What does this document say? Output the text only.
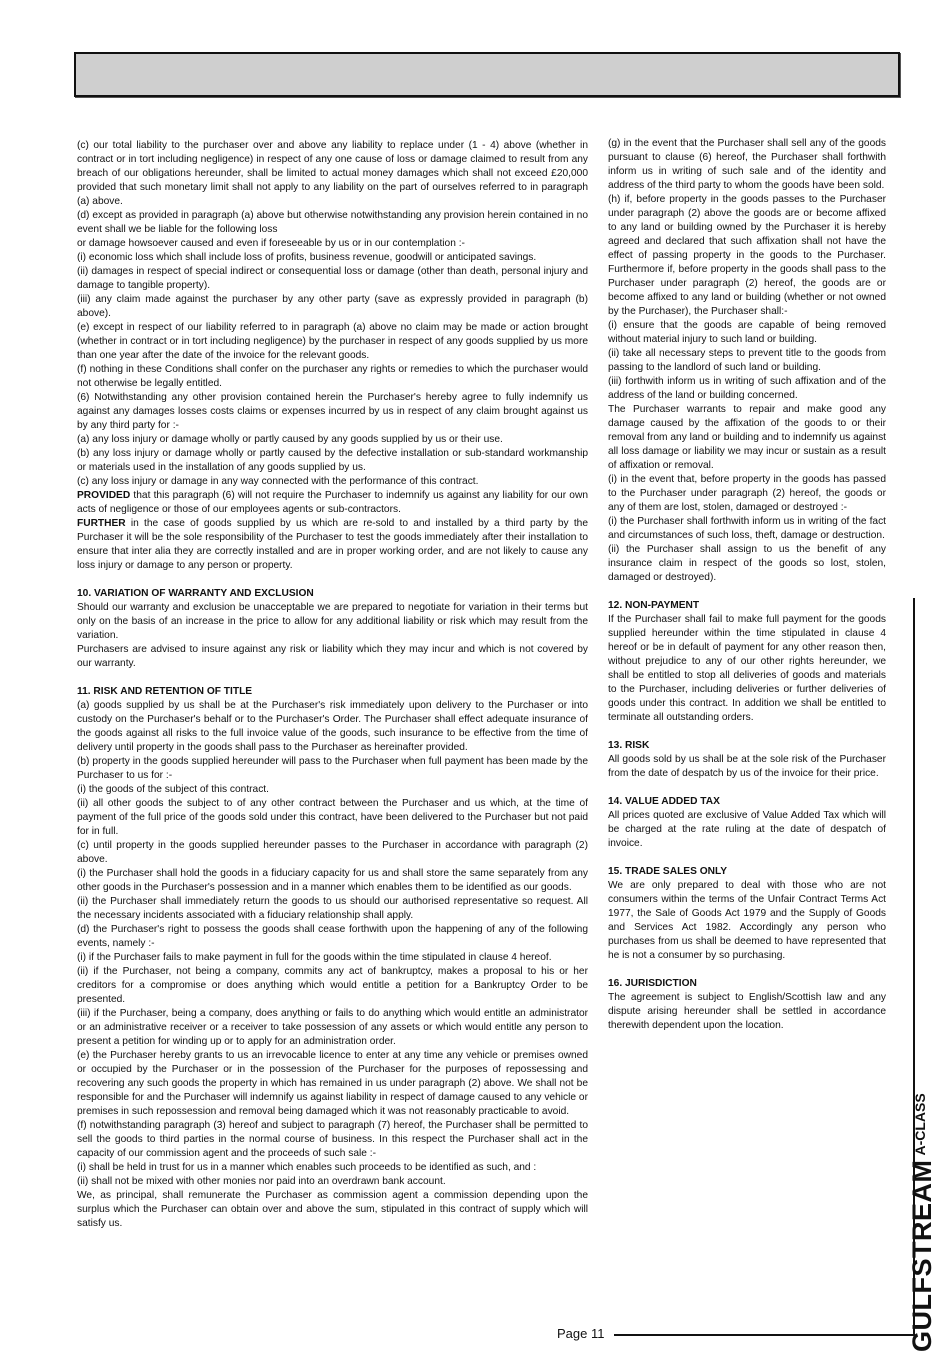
(c) our total liability to the purchaser over and above any liability to replace under (1 - 4) above (whether in contract or in tort including negligence) in respect of any one cause of loss or damage claimed to result from any breach of our obligations hereunder, shall be limited to actual money damages which shall not exceed £20,000 provided that such monetary limit shall not apply to any liability on the part of ourselves referred to in paragraph (a) above.

(d) except as provided in paragraph (a) above but otherwise notwithstanding any provision herein contained in no event shall we be liable for the following loss

or damage howsoever caused and even if foreseeable by us or in our contemplation :-

(i) economic loss which shall include loss of profits, business revenue, goodwill or anticipated savings.

(ii) damages in respect of special indirect or consequential loss or damage (other than death, personal injury and damage to tangible property).

(iii) any claim made against the purchaser by any other party (save as expressly provided in paragraph (b) above).

(e) except in respect of our liability referred to in paragraph (a) above no claim may be made or action brought (whether in contract or in tort including negligence) by the purchaser in respect of any goods supplied by us more than one year after the date of the invoice for the relevant goods.

(f) nothing in these Conditions shall confer on the purchaser any rights or remedies to which the purchaser would not otherwise be legally entitled.

(6) Notwithstanding any other provision contained herein the Purchaser's hereby agree to fully indemnify us against any damages losses costs claims or expenses incurred by us in respect of any claim brought against us by any third party for :-

(a) any loss injury or damage wholly or partly caused by any goods supplied by us or their use.

(b) any loss injury or damage wholly or partly caused by the defective installation or sub-standard workmanship or materials used in the installation of any goods supplied by us.

(c) any loss injury or damage in any way connected with the performance of this contract.

PROVIDED that this paragraph (6) will not require the Purchaser to indemnify us against any liability for our own acts of negligence or those of our employees agents or sub-contractors.

FURTHER in the case of goods supplied by us which are re-sold to and installed by a third party by the Purchaser it will be the sole responsibility of the Purchaser to test the goods immediately after their installation to ensure that inter alia they are correctly installed and are in proper working order, and are not likely to cause any loss injury or damage to any person or property.

10. VARIATION OF WARRANTY AND EXCLUSION

Should our warranty and exclusion be unacceptable we are prepared to negotiate for variation in their terms but only on the basis of an increase in the price to allow for any additional liability or risk which may result from the variation.

Purchasers are advised to insure against any risk or liability which they may incur and which is not covered by our warranty.

11. RISK AND RETENTION OF TITLE

(a) goods supplied by us shall be at the Purchaser's risk immediately upon delivery to the Purchaser or into custody on the Purchaser's behalf or to the Purchaser's Order. The Purchaser shall effect adequate insurance of the goods against all risks to the full invoice value of the goods, such insurance to be effective from the time of delivery until property in the goods shall pass to the Purchaser as hereinafter provided.

(b) property in the goods supplied hereunder will pass to the Purchaser when full payment has been made by the Purchaser to us for :-

(i) the goods of the subject of this contract.

(ii) all other goods the subject to of any other contract between the Purchaser and us which, at the time of payment of the full price of the goods sold under this contract, have been delivered to the Purchaser but not paid for in full.

(c) until property in the goods supplied hereunder passes to the Purchaser in accordance with paragraph (2) above.

(i) the Purchaser shall hold the goods in a fiduciary capacity for us and shall store the same separately from any other goods in the Purchaser's possession and in a manner which enables them to be identified as our goods.

(ii) the Purchaser shall immediately return the goods to us should our authorised representative so request. All the necessary incidents associated with a fiduciary relationship shall apply.

(d) the Purchaser's right to possess the goods shall cease forthwith upon the happening of any of the following events, namely :-

(i) if the Purchaser fails to make payment in full for the goods within the time stipulated in clause 4 hereof.

(ii) if the Purchaser, not being a company, commits any act of bankruptcy, makes a proposal to his or her creditors for a compromise or does anything which would entitle a petition for a Bankruptcy Order to be presented.

(iii) if the Purchaser, being a company, does anything or fails to do anything which would entitle an administrator or an administrative receiver or a receiver to take possession of any assets or which would entitle any person to present a petition for winding up or to apply for an administration order.

(e) the Purchaser hereby grants to us an irrevocable licence to enter at any time any vehicle or premises owned or occupied by the Purchaser or in the possession of the Purchaser for the purposes of repossessing and recovering any such goods the property in which has remained in us under paragraph (2) above. We shall not be responsible for and the Purchaser will indemnify us against liability in respect of damage caused to any vehicle or premises in such repossession and removal being damaged which it was not reasonably practicable to avoid.

(f) notwithstanding paragraph (3) hereof and subject to paragraph (7) hereof, the Purchaser shall be permitted to sell the goods to third parties in the normal course of business. In this respect the Purchaser shall act in the capacity of our commission agent and the proceeds of such sale :-

(i) shall be held in trust for us in a manner which enables such proceeds to be identified as such, and :

(ii) shall not be mixed with other monies nor paid into an overdrawn bank account.

We, as principal, shall remunerate the Purchaser as commission agent a commission depending upon the surplus which the Purchaser can obtain over and above the sum, stipulated in this contract of supply which will satisfy us.

(g) in the event that the Purchaser shall sell any of the goods pursuant to clause (6) hereof, the Purchaser shall forthwith inform us in writing of such sale and of the identity and address of the third party to whom the goods have been sold.

(h) if, before property in the goods passes to the Purchaser under paragraph (2) above the goods are or become affixed to any land or building owned by the Purchaser it is hereby agreed and declared that such affixation shall not have the effect of passing property in the goods to the Purchaser. Furthermore if, before property in the goods shall pass to the Purchaser under paragraph (2) hereof, the goods are or become affixed to any land or building (whether or not owned by the Purchaser), the Purchaser shall:-

(i) ensure that the goods are capable of being removed without material injury to such land or building.

(ii) take all necessary steps to prevent title to the goods from passing to the landlord of such land or building.

(iii) forthwith inform us in writing of such affixation and of the address of the land or building concerned.

The Purchaser warrants to repair and make good any damage caused by the affixation of the goods to or their removal from any land or building and to indemnify us against all loss damage or liability we may incur or sustain as a result of affixation or removal.

(i) in the event that, before property in the goods has passed to the Purchaser under paragraph (2) hereof, the goods or any of them are lost, stolen, damaged or destroyed :-

(i) the Purchaser shall forthwith inform us in writing of the fact and circumstances of such loss, theft, damage or destruction.

(ii) the Purchaser shall assign to us the benefit of any insurance claim in respect of the goods so lost, stolen, damaged or destroyed).

12. NON-PAYMENT

If the Purchaser shall fail to make full payment for the goods supplied hereunder within the time stipulated in clause 4 hereof or be in default of payment for any other reason then, without prejudice to any of our other rights hereunder, we shall be entitled to stop all deliveries of goods and materials to the Purchaser, including deliveries or further deliveries of goods under this contract. In addition we shall be entitled to terminate all outstanding orders.

13. RISK

All goods sold by us shall be at the sole risk of the Purchaser from the date of despatch by us of the invoice for their price.

14. VALUE ADDED TAX

All prices quoted are exclusive of Value Added Tax which will be charged at the rate ruling at the date of despatch of invoice.

15. TRADE SALES ONLY

We are only prepared to deal with those who are not consumers within the terms of the Unfair Contract Terms Act 1977, the Sale of Goods Act 1979 and the Supply of Goods and Services Act 1982. Accordingly any person who purchases from us shall be deemed to have represented that he is not a consumer by so purchasing.

16. JURISDICTION

The agreement is subject to English/Scottish law and any dispute arising hereunder shall be settled in accordance therewith dependent upon the location.

GULFSTREAMA-CLASS
Page 11
